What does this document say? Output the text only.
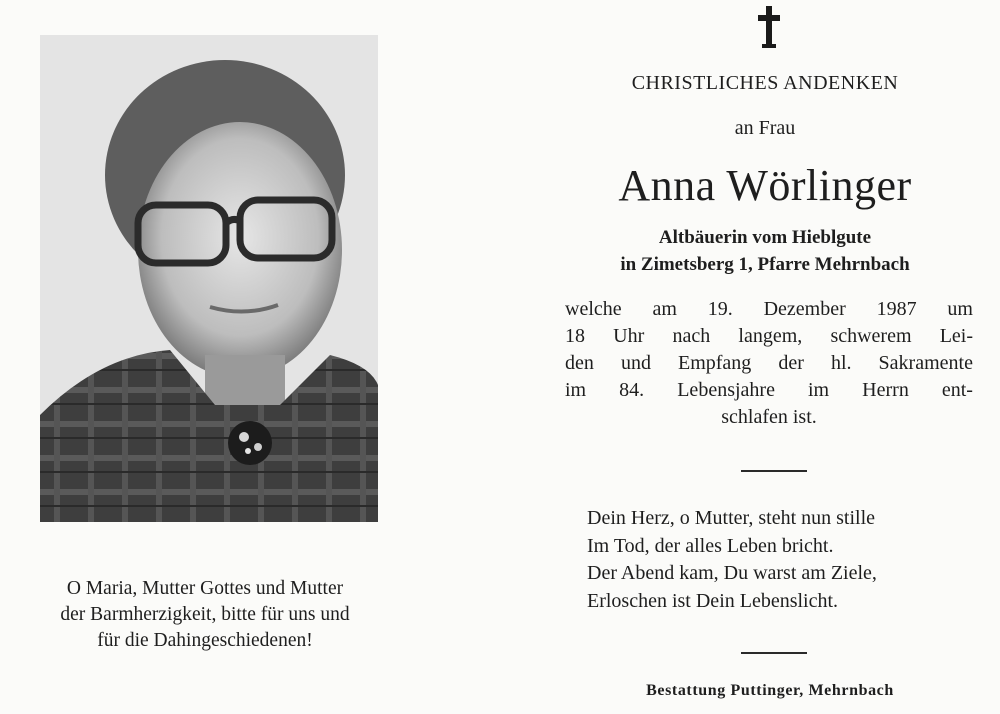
O Maria, Mutter Gottes und Mutter
der Barmherzigkeit, bitte für uns und
für die Dahingeschiedenen!
CHRISTLICHES ANDENKEN
an Frau
Anna Wörlinger
Altbäuerin vom Hieblgute
in Zimetsberg 1, Pfarre Mehrnbach
welche am 19. Dezember 1987 um
18 Uhr nach langem, schwerem Lei-
den und Empfang der hl. Sakramente
im 84. Lebensjahre im Herrn ent-
schlafen ist.
Dein Herz, o Mutter, steht nun stille
Im Tod, der alles Leben bricht.
Der Abend kam, Du warst am Ziele,
Erloschen ist Dein Lebenslicht.
Bestattung Puttinger, Mehrnbach
